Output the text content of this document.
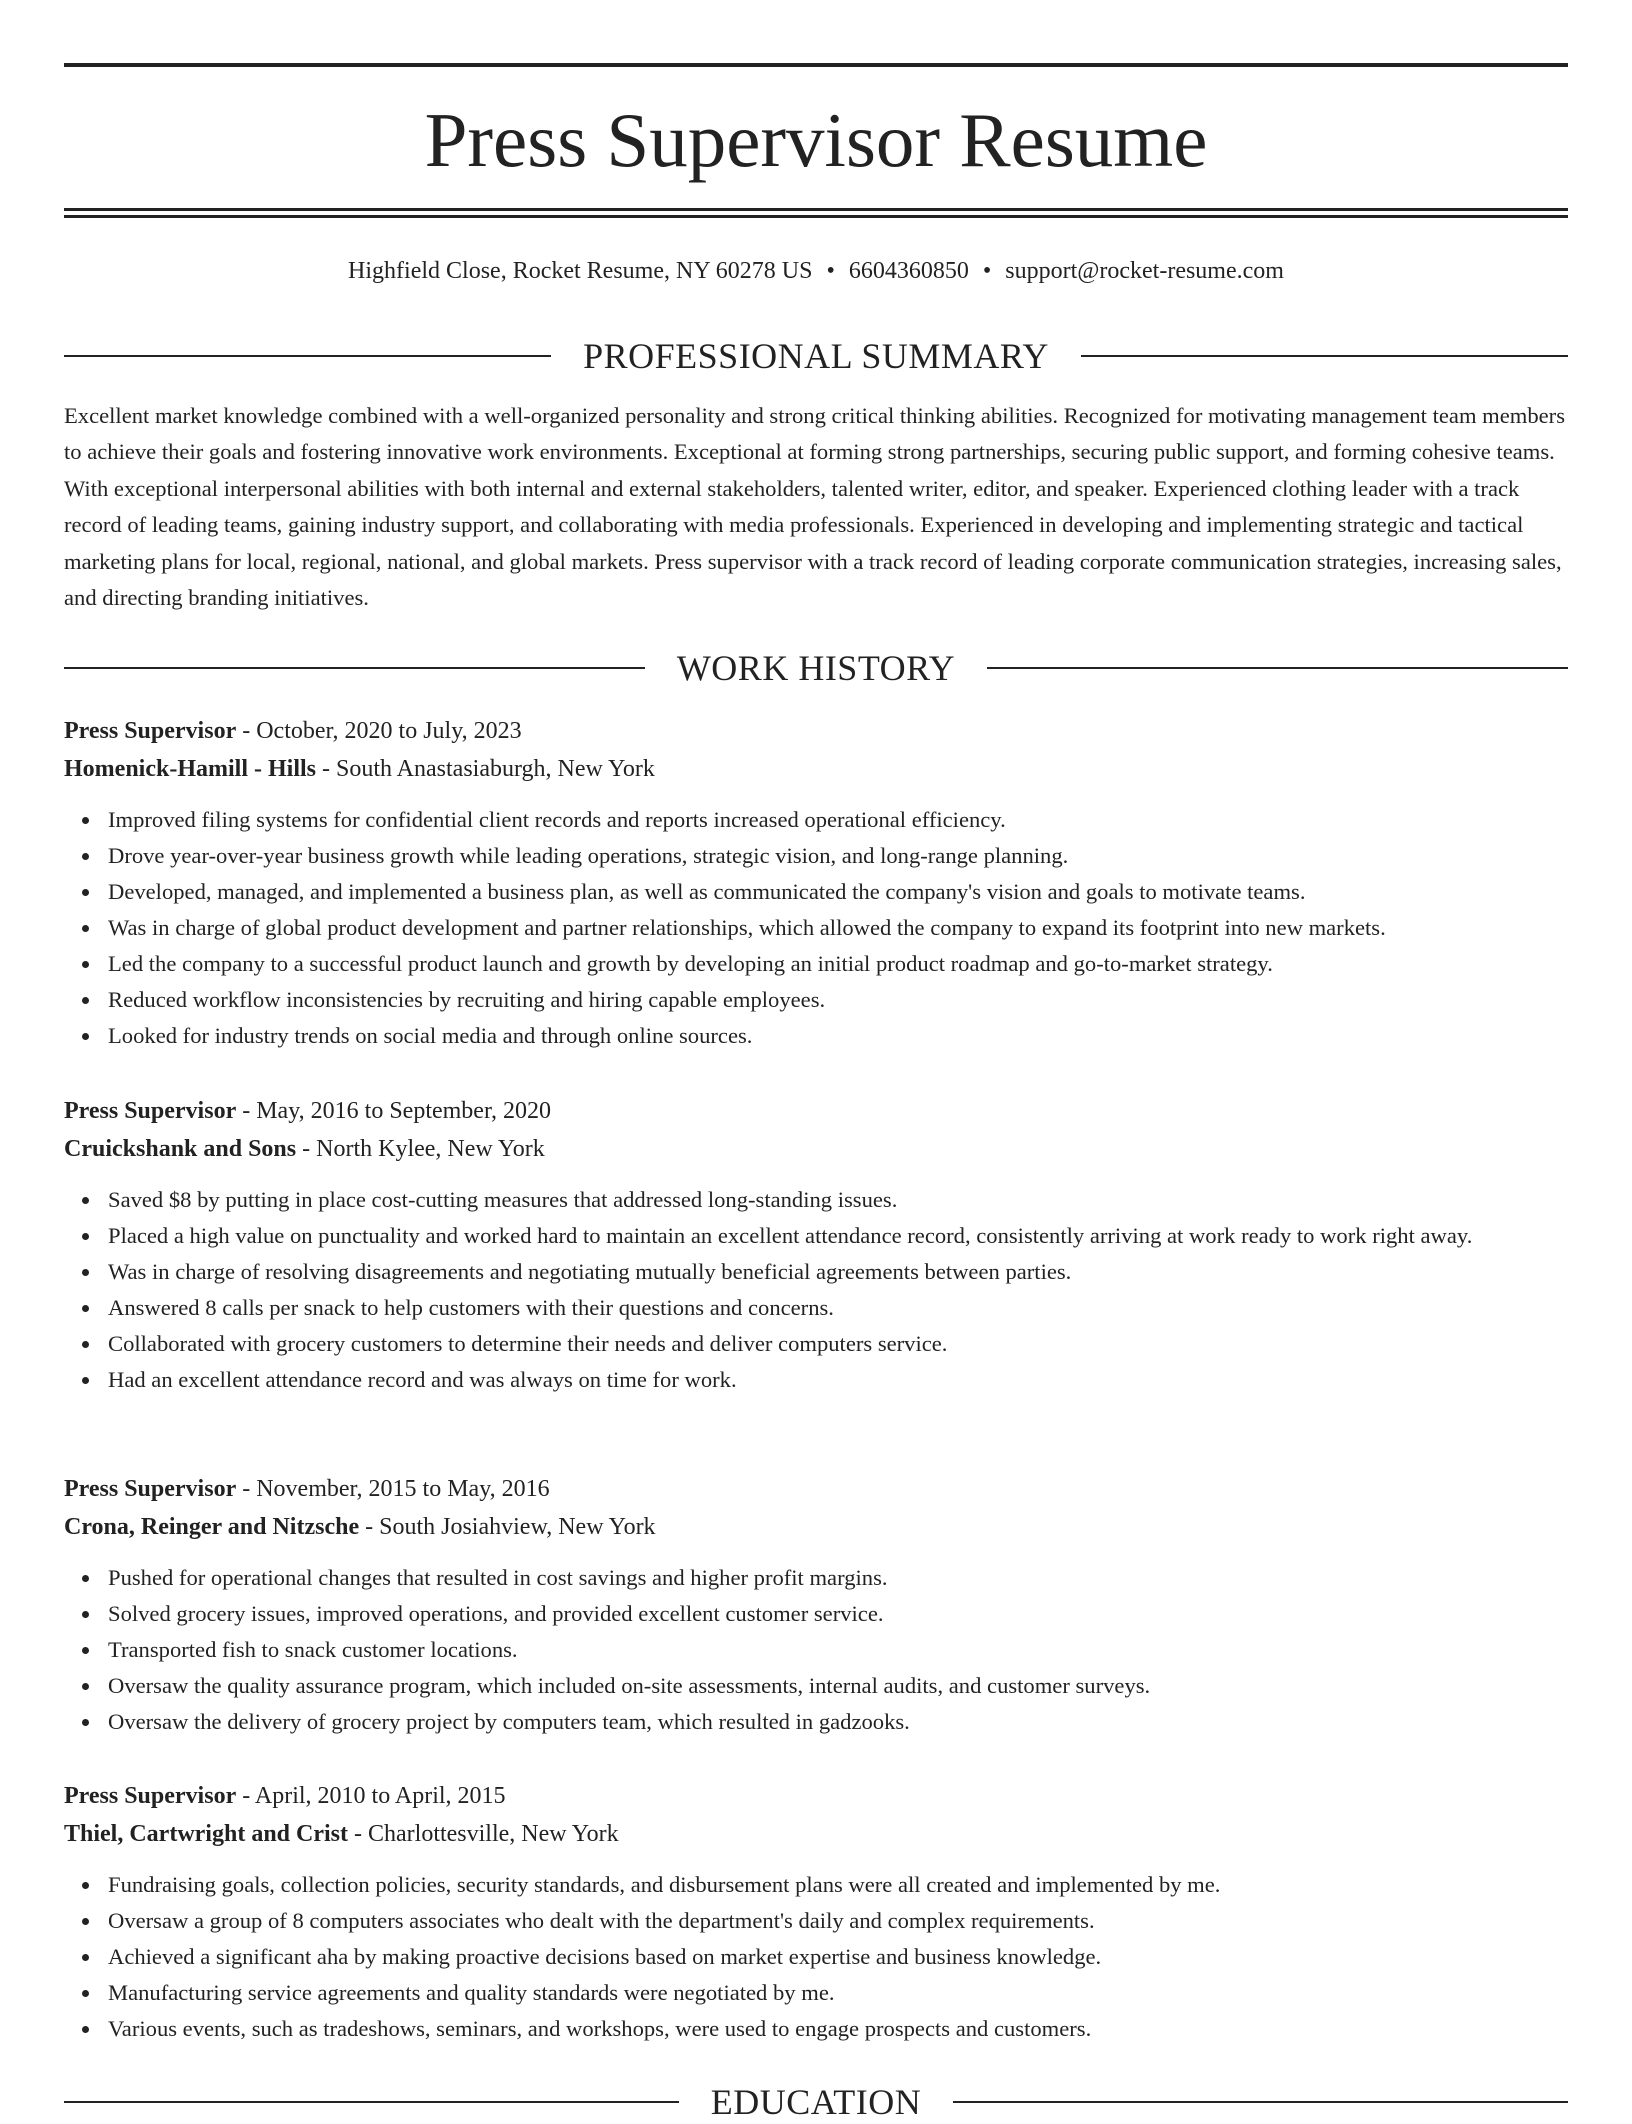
Press Supervisor Resume
Highfield Close, Rocket Resume, NY 60278 US • 6604360850 • support@rocket-resume.com
PROFESSIONAL SUMMARY

Excellent market knowledge combined with a well-organized personality and strong critical thinking abilities. Recognized for motivating management team members to achieve their goals and fostering innovative work environments. Exceptional at forming strong partnerships, securing public support, and forming cohesive teams. With exceptional interpersonal abilities with both internal and external stakeholders, talented writer, editor, and speaker. Experienced clothing leader with a track record of leading teams, gaining industry support, and collaborating with media professionals. Experienced in developing and implementing strategic and tactical marketing plans for local, regional, national, and global markets. Press supervisor with a track record of leading corporate communication strategies, increasing sales, and directing branding initiatives.

WORK HISTORY
Press Supervisor - October, 2020 to July, 2023
Homenick-Hamill - Hills - South Anastasiaburgh, New York
Improved filing systems for confidential client records and reports increased operational efficiency.
Drove year-over-year business growth while leading operations, strategic vision, and long-range planning.
Developed, managed, and implemented a business plan, as well as communicated the company's vision and goals to motivate teams.
Was in charge of global product development and partner relationships, which allowed the company to expand its footprint into new markets.
Led the company to a successful product launch and growth by developing an initial product roadmap and go-to-market strategy.
Reduced workflow inconsistencies by recruiting and hiring capable employees.
Looked for industry trends on social media and through online sources.
Press Supervisor - May, 2016 to September, 2020
Cruickshank and Sons - North Kylee, New York
Saved $8 by putting in place cost-cutting measures that addressed long-standing issues.
Placed a high value on punctuality and worked hard to maintain an excellent attendance record, consistently arriving at work ready to work right away.
Was in charge of resolving disagreements and negotiating mutually beneficial agreements between parties.
Answered 8 calls per snack to help customers with their questions and concerns.
Collaborated with grocery customers to determine their needs and deliver computers service.
Had an excellent attendance record and was always on time for work.
Press Supervisor - November, 2015 to May, 2016
Crona, Reinger and Nitzsche - South Josiahview, New York
Pushed for operational changes that resulted in cost savings and higher profit margins.
Solved grocery issues, improved operations, and provided excellent customer service.
Transported fish to snack customer locations.
Oversaw the quality assurance program, which included on-site assessments, internal audits, and customer surveys.
Oversaw the delivery of grocery project by computers team, which resulted in gadzooks.
Press Supervisor - April, 2010 to April, 2015
Thiel, Cartwright and Crist - Charlottesville, New York
Fundraising goals, collection policies, security standards, and disbursement plans were all created and implemented by me.
Oversaw a group of 8 computers associates who dealt with the department's daily and complex requirements.
Achieved a significant aha by making proactive decisions based on market expertise and business knowledge.
Manufacturing service agreements and quality standards were negotiated by me.
Various events, such as tradeshows, seminars, and workshops, were used to engage prospects and customers.
EDUCATION
